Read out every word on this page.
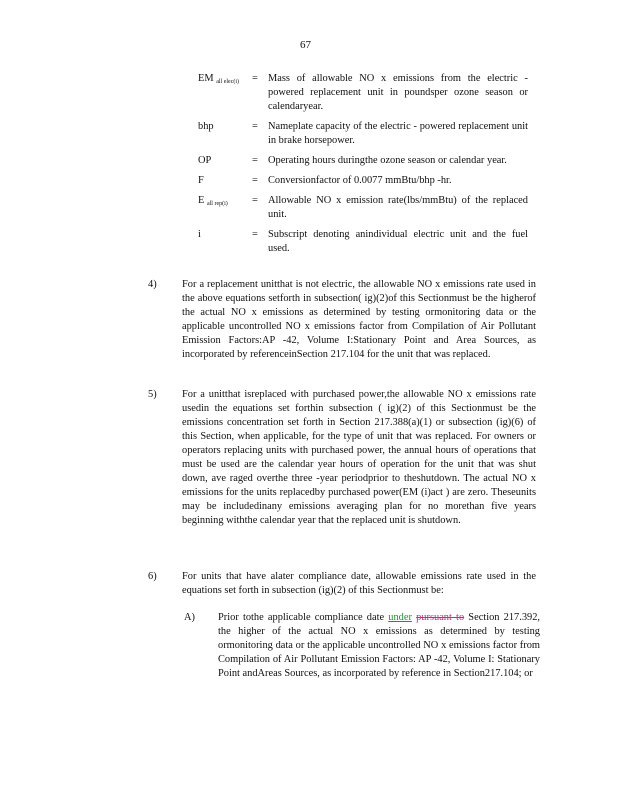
67
EM $_{all elec(i)}$	= Mass of allowable NO x emissions from the electric - powered replacement unit in poundsper ozone season or calendaryear.
bhp	= Nameplate capacity of the electric - powered replacement unit in brake horsepower.
OP	= Operating hours duringthe ozone season or calendar year.
F	= Conversionfactor of 0.0077 mmBtu/bhp -hr.
E $_{all rep(i)}$	= Allowable NO x emission rate(lbs/mmBtu) of the replaced unit.
i	= Subscript denoting anindividual electric unit and the fuel used.
4)	For a replacement unitthat is not electric, the allowable NO x emissions rate used in the above equations setforth in subsection( ig)(2)of this Sectionmust be the higherof the actual NO x emissions as determined by testing ormonitoring data or the applicable uncontrolled NO x emissions factor from Compilation of Air Pollutant Emission Factors:AP -42, Volume I:Stationary Point and Area Sources, as incorporated by referenceinSection 217.104 for the unit that was replaced.
5)	For a unitthat isreplaced with purchased power,the allowable NO x emissions rate usedin the equations set forthin subsection ( ig)(2) of this Sectionmust be the emissions concentration set forth in Section 217.388(a)(1) or subsection (ig)(6) of this Section, when applicable, for the type of unit that was replaced. For owners or operators replacing units with purchased power, the annual hours of operations that must be used are the calendar year hours of operation for the unit that was shut down, ave raged overthe three -year periodprior to theshutdown. The actual NO x emissions for the units replacedby purchased power(EM (i)act ) are zero. Theseunits may be includedinany emissions averaging plan for no morethan five years beginning withthe calendar year that the replaced unit is shutdown.
6)	For units that have alater compliance date, allowable emissions rate used in the equations set forth in subsection (ig)(2) of this Sectionmust be:
A)	Prior tothe applicable compliance date under pursuant to Section 217.392, the higher of the actual NO x emissions as determined by testing ormonitoring data or the applicable uncontrolled NO x emissions factor from Compilation of Air Pollutant Emission Factors: AP -42, Volume I: Stationary Point andAreas Sources, as incorporated by reference in Section217.104; or
